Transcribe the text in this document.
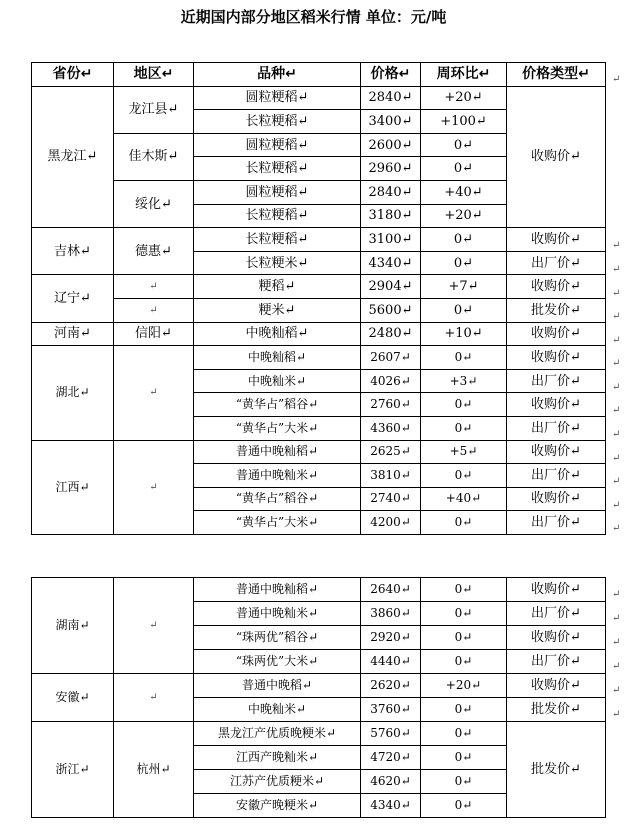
近期国内部分地区稻米行情 单位：元/吨
省份↵	地区↵	品种↵	价格↵	周环比↵	价格类型↵
黑龙江↵	龙江县↵	圆粒粳稻↵	2840↵	+20↵	收购价↵
		长粒粳稻↵	3400↵	+100↵	
	佳木斯↵	圆粒粳稻↵	2600↵	0↵	
		长粒粳稻↵	2960↵	0↵	
	绥化↵	圆粒粳稻↵	2840↵	+40↵	
		长粒粳稻↵	3180↵	+20↵	
吉林↵	德惠↵	长粒粳稻↵	3100↵	0↵	收购价↵
		长粒粳米↵	4340↵	0↵	出厂价↵
辽宁↵	↵	粳稻↵	2904↵	+7↵	收购价↵
	↵	粳米↵	5600↵	0↵	批发价↵
河南↵	信阳↵	中晚籼稻↵	2480↵	+10↵	收购价↵
湖北↵	↵	中晚籼稻↵	2607↵	0↵	收购价↵
		中晚籼米↵	4026↵	+3↵	出厂价↵
		“黄华占”稻谷↵	2760↵	0↵	收购价↵
		“黄华占”大米↵	4360↵	0↵	出厂价↵
江西↵	↵	普通中晚籼稻↵	2625↵	+5↵	收购价↵
		普通中晚籼米↵	3810↵	0↵	出厂价↵
		“黄华占”稻谷↵	2740↵	+40↵	收购价↵
		“黄华占”大米↵	4200↵	0↵	出厂价↵
湖南↵	↵	普通中晚籼稻↵	2640↵	0↵	收购价↵
		普通中晚籼米↵	3860↵	0↵	出厂价↵
		“珠两优”稻谷↵	2920↵	0↵	收购价↵
		“珠两优”大米↵	4440↵	0↵	出厂价↵
安徽↵	↵	普通中晚稻↵	2620↵	+20↵	收购价↵
		中晚籼米↵	3760↵	0↵	批发价↵
浙江↵	杭州↵	黑龙江产优质晚粳米↵	5760↵	0↵	批发价↵
		江西产晚籼米↵	4720↵	0↵	
		江苏产优质粳米↵	4620↵	0↵	
		安徽产晚粳米↵	4340↵	0↵	
↵
↵
↵
↵
↵
↵
↵
↵
↵
↵
↵
↵
↵
↵
↵
↵
↵
↵
↵
↵
